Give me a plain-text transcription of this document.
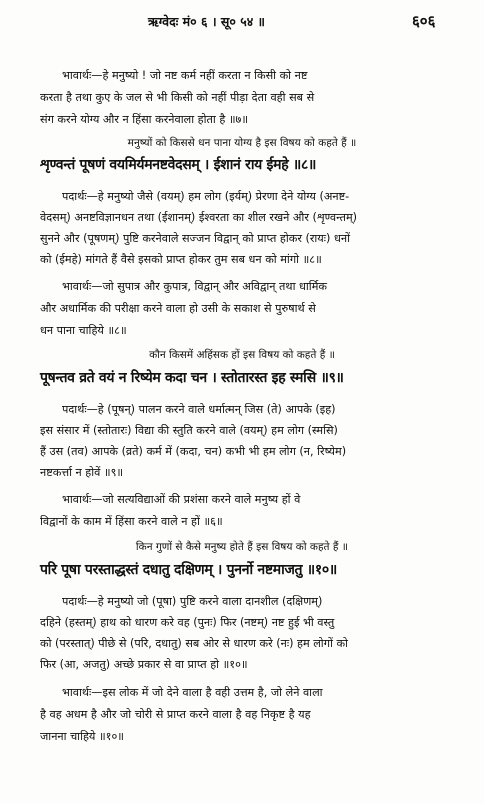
ऋग्वेदः मं० ६ । सू० ५४ ॥	६०६
भावार्थः—हे मनुष्यो ! जो नष्ट कर्म नहीं करता न किसी को नष्ट
करता है तथा कुए के जल से भी किसी को नहीं पीड़ा देता वही सब से
संग करने योग्य और न हिंसा करनेवाला होता है ॥७॥
मनुष्यों को किससे धन पाना योग्य है इस विषय को कहते हैं ॥
शृण्वन्तं पूषणं वयमिर्यमनष्टवेदसम् । ईशानं राय ईमहे ॥८॥
पदार्थः—हे मनुष्यो जैसे (वयम्) हम लोग (इर्यम्) प्रेरणा देने योग्य (अनष्ट-
वेदसम्) अनष्टविज्ञानधन तथा (ईशानम्) ईश्वरता का शील रखने और (शृण्वन्तम्)
सुनने और (पूषणम्) पुष्टि करनेवाले सज्जन विद्वान् को प्राप्त होकर (रायः) धनों
को (ईमहे) मांगते हैं वैसे इसको प्राप्त होकर तुम सब धन को मांगो ॥८॥
भावार्थः—जो सुपात्र और कुपात्र, विद्वान् और अविद्वान् तथा धार्मिक
और अधार्मिक की परीक्षा करने वाला हो उसी के सकाश से पुरुषार्थ से
धन पाना चाहिये ॥८॥
कौन किसमें अहिंसक हों इस विषय को कहते हैं ॥
पूषन्तव व्रते वयं न रिष्येम कदा चन । स्तोतारस्त इह स्मसि ॥९॥
पदार्थः—हे (पूषन्) पालन करने वाले धर्मात्मन् जिस (ते) आपके (इह)
इस संसार में (स्तोतारः) विद्या की स्तुति करने वाले (वयम्) हम लोग (स्मसि)
हैं उस (तव) आपके (व्रते) कर्म में (कदा, चन) कभी भी हम लोग (न, रिष्येम)
नष्टकर्त्ता न होवें ॥९॥
भावार्थः—जो सत्यविद्याओं की प्रशंसा करने वाले मनुष्य हों वे
विद्वानों के काम में हिंसा करने वाले न हों ॥६॥
किन गुणों से कैसे मनुष्य होते हैं इस विषय को कहते हैं ॥
परि पूषा परस्ताद्धस्तं दधातु दक्षिणम् । पुनर्नो नष्टमाजतु ॥१०॥
पदार्थः—हे मनुष्यो जो (पूषा) पुष्टि करने वाला दानशील (दक्षिणम्)
दहिने (हस्तम्) हाथ को धारण करे वह (पुनः) फिर (नष्टम्) नष्ट हुई भी वस्तु
को (परस्तात्) पीछे से (परि, दधातु) सब ओर से धारण करे (नः) हम लोगों को
फिर (आ, अजतु) अच्छे प्रकार से वा प्राप्त हो ॥१०॥
भावार्थः—इस लोक में जो देने वाला है वही उत्तम है, जो लेने वाला
है वह अधम है और जो चोरी से प्राप्त करने वाला है वह निकृष्ट है यह
जानना चाहिये ॥१०॥
